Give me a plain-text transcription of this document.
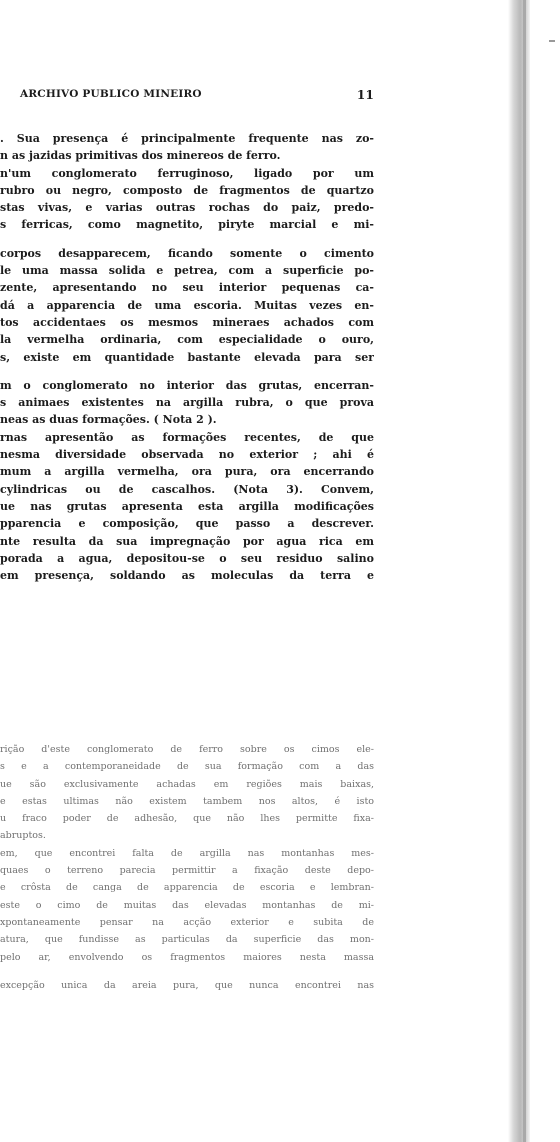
ARCHIVO PUBLICO MINEIRO	11
. Sua presença é principalmente frequente nas zo-
n as jazidas primitivas dos minereos de ferro.
n'um conglomerato ferruginoso, ligado por um
rubro ou negro, composto de fragmentos de quartzo
stas vivas, e varias outras rochas do paiz, predo-
s ferricas, como magnetito, piryte marcial e mi-
corpos desapparecem, ficando somente o cimento
le uma massa solida e petrea, com a superficie po-
zente, apresentando no seu interior pequenas ca-
dá a apparencia de uma escoria. Muitas vezes en-
tos accidentaes os mesmos mineraes achados com
la vermelha ordinaria, com especialidade o ouro,
s, existe em quantidade bastante elevada para ser
m o conglomerato no interior das grutas, encerran-
s animaes existentes na argilla rubra, o que prova
neas as duas formações. ( Nota 2 ).
rnas apresentão as formações recentes, de que
nesma diversidade observada no exterior ; ahi é
mum a argilla vermelha, ora pura, ora encerrando
cylindricas ou de cascalhos. (Nota 3). Convem,
ue nas grutas apresenta esta argilla modificações
pparencia e composição, que passo a descrever.
nte resulta da sua impregnação por agua rica em
porada a agua, depositou-se o seu residuo salino
em presença, soldando as moleculas da terra e
rição d'este conglomerato de ferro sobre os cimos ele-
s e a contemporaneidade de sua formação com a das
ue são exclusivamente achadas em regiões mais baixas,
e estas ultimas não existem tambem nos altos, é isto
u fraco poder de adhesão, que não lhes permitte fixa-
abruptos.
em, que encontrei falta de argilla nas montanhas mes-
quaes o terreno parecia permittir a fixação deste depo-
e crôsta de canga de apparencia de escoria e lembran-
este o cimo de muitas das elevadas montanhas de mi-
xpontaneamente pensar na acção exterior e subita de
atura, que fundisse as particulas da superficie das mon-
pelo ar, envolvendo os fragmentos maiores nesta massa
excepção unica da areia pura, que nunca encontrei nas
